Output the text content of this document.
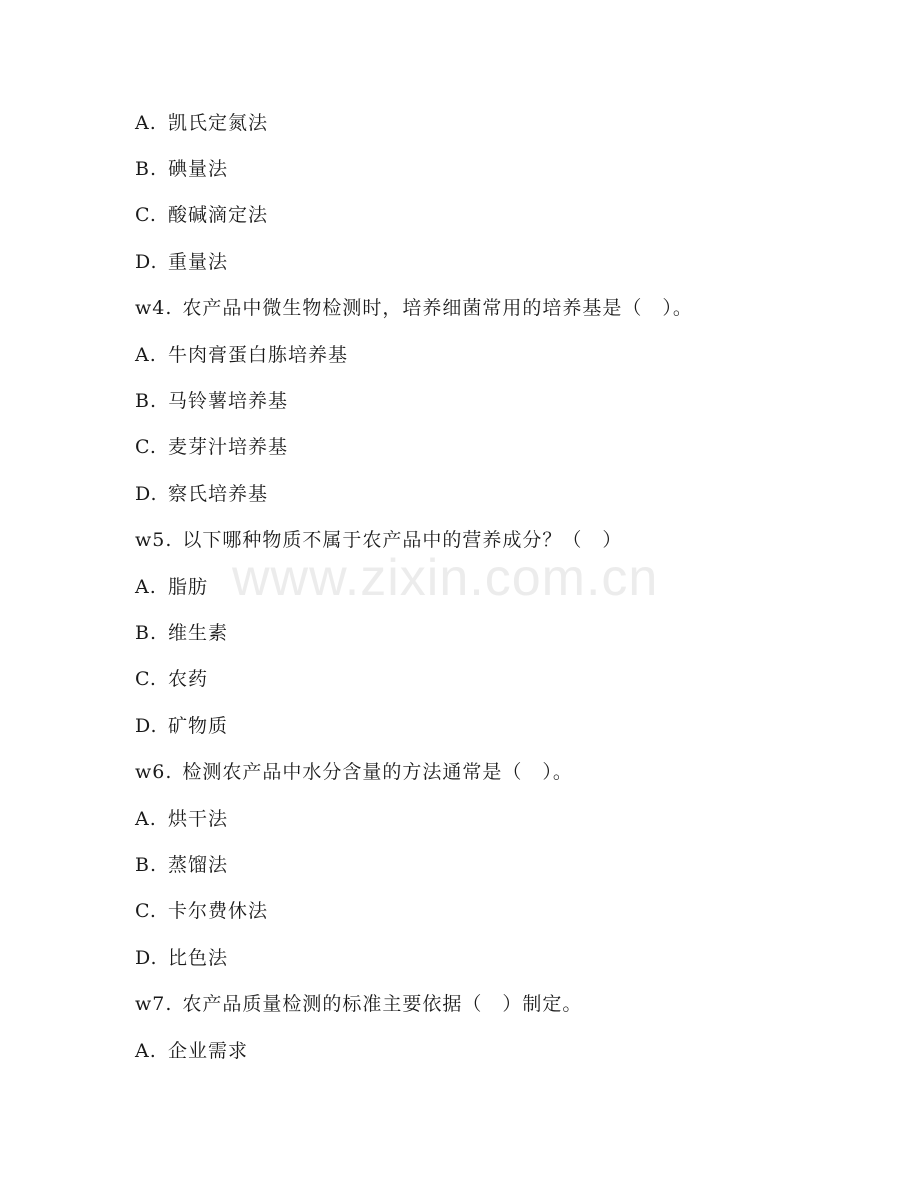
A. 凯氏定氮法
B. 碘量法
C. 酸碱滴定法
D. 重量法
w4. 农产品中微生物检测时，培养细菌常用的培养基是（　）。
A. 牛肉膏蛋白胨培养基
B. 马铃薯培养基
C. 麦芽汁培养基
D. 察氏培养基
w5. 以下哪种物质不属于农产品中的营养成分？（　）
A. 脂肪
B. 维生素
C. 农药
D. 矿物质
w6. 检测农产品中水分含量的方法通常是（　）。
A. 烘干法
B. 蒸馏法
C. 卡尔费休法
D. 比色法
w7. 农产品质量检测的标准主要依据（　）制定。
A. 企业需求
www.zixin.com.cn
